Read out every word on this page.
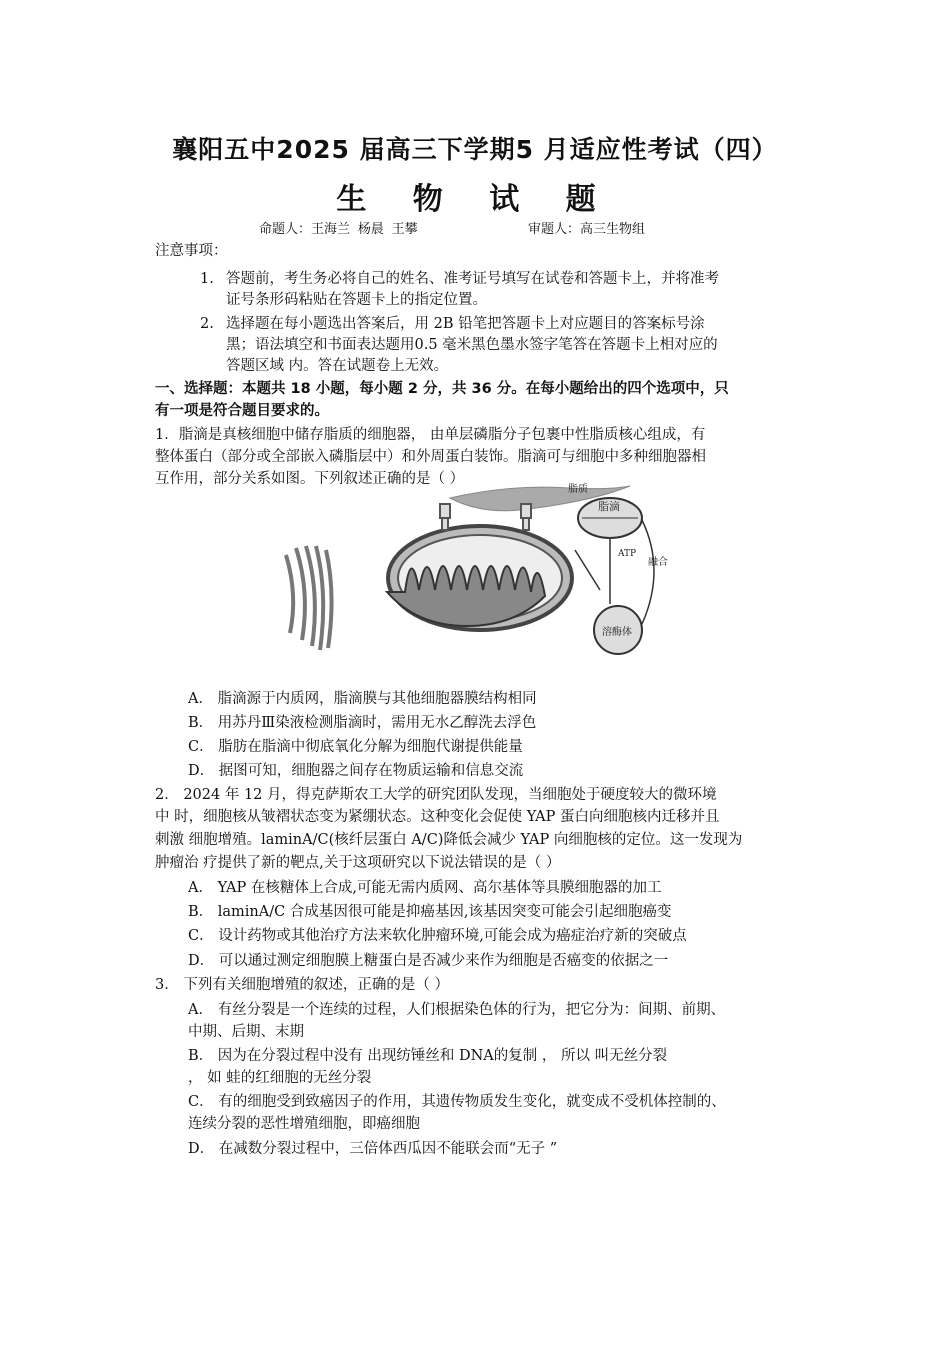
襄阳五中2025 届高三下学期5 月适应性考试（四）
生 物 试 题
命题人：王海兰 杨晨 王攀	审题人：高三生物组
注意事项：
1. 答题前，考生务必将自己的姓名、准考证号填写在试卷和答题卡上，并将准考
证号条形码粘贴在答题卡上的指定位置。
2. 选择题在每小题选出答案后，用 2B 铅笔把答题卡上对应题目的答案标号涂
黑；语法填空和书面表达题用0.5 毫米黑色墨水签字笔答在答题卡上相对应的
答题区域 内。答在试题卷上无效。
一、选择题：本题共 18 小题，每小题 2 分，共 36 分。在每小题给出的四个选项中，只
有一项是符合题目要求的。
1．脂滴是真核细胞中储存脂质的细胞器， 由单层磷脂分子包裹中性脂质核心组成，有
整体蛋白（部分或全部嵌入磷脂层中）和外周蛋白装饰。脂滴可与细胞中多种细胞器相
互作用，部分关系如图。下列叙述正确的是（ ）
脂质
脂滴
ATP
融合
溶酶体
A． 脂滴源于内质网，脂滴膜与其他细胞器膜结构相同
B． 用苏丹Ⅲ染液检测脂滴时，需用无水乙醇洗去浮色
C． 脂肪在脂滴中彻底氧化分解为细胞代谢提供能量
D． 据图可知，细胞器之间存在物质运输和信息交流
2． 2024 年 12 月，得克萨斯农工大学的研究团队发现，当细胞处于硬度较大的微环境
中 时，细胞核从皱褶状态变为紧绷状态。这种变化会促使 YAP 蛋白向细胞核内迁移并且
刺激 细胞增殖。laminA/C(核纤层蛋白 A/C)降低会减少 YAP 向细胞核的定位。这一发现为
肿瘤治 疗提供了新的靶点,关于这项研究以下说法错误的是（ ）
A． YAP 在核糖体上合成,可能无需内质网、高尔基体等具膜细胞器的加工
B． laminA/C 合成基因很可能是抑癌基因,该基因突变可能会引起细胞癌变
C． 设计药物或其他治疗方法来软化肿瘤环境,可能会成为癌症治疗新的突破点
D． 可以通过测定细胞膜上糖蛋白是否减少来作为细胞是否癌变的依据之一
3． 下列有关细胞增殖的叙述，正确的是（ ）
A． 有丝分裂是一个连续的过程，人们根据染色体的行为，把它分为：间期、前期、
中期、后期、末期
B． 因为在分裂过程中没有 出现纺锤丝和 DNA的复制 ， 所以 叫无丝分裂
， 如 蛙的红细胞的无丝分裂
C． 有的细胞受到致癌因子的作用，其遗传物质发生变化，就变成不受机体控制的、
连续分裂的恶性增殖细胞，即癌细胞
D． 在减数分裂过程中，三倍体西瓜因不能联会而“无子 ”
